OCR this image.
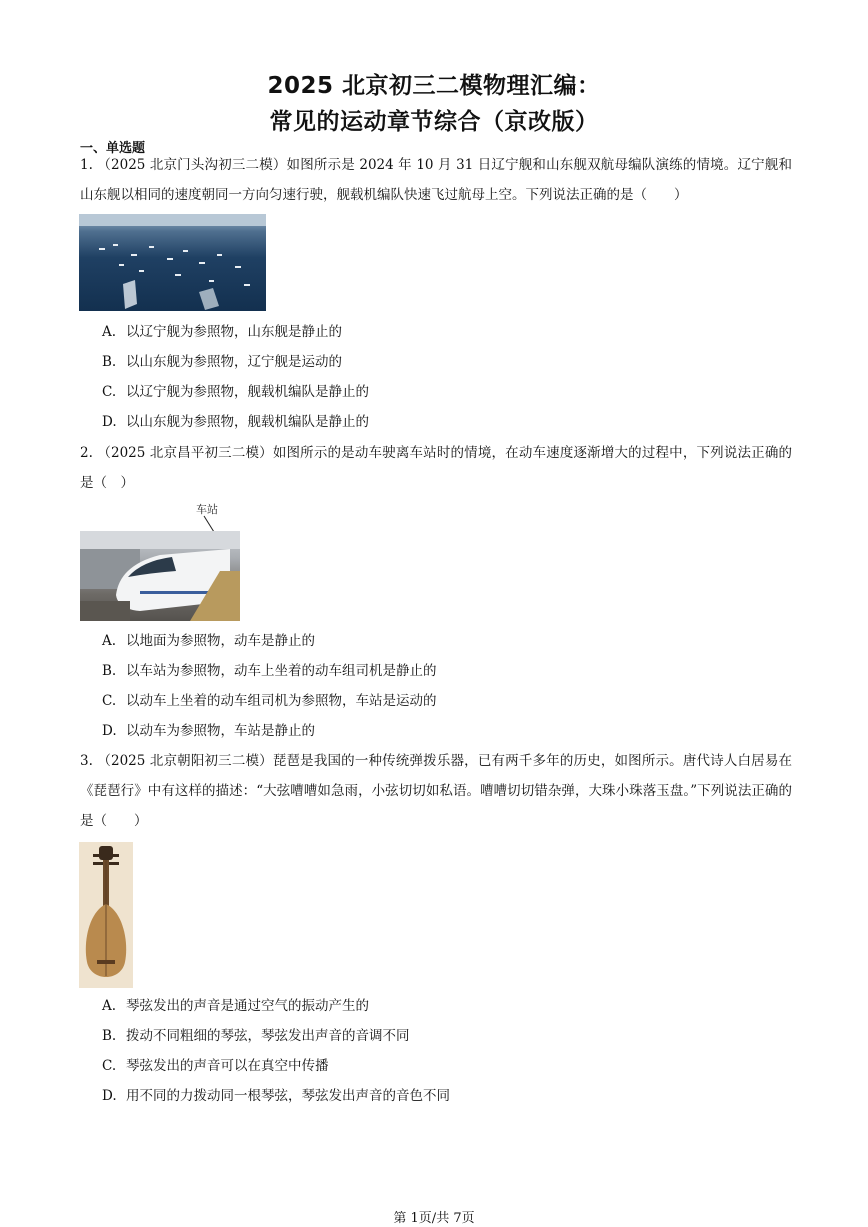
2025 北京初三二模物理汇编：
常见的运动章节综合（京改版）
一、单选题
1. （2025 北京门头沟初三二模）如图所示是 2024 年 10 月 31 日辽宁舰和山东舰双航母编队演练的情境。辽宁舰和山东舰以相同的速度朝同一方向匀速行驶，舰载机编队快速飞过航母上空。下列说法正确的是（　　）
A. 以辽宁舰为参照物，山东舰是静止的
B. 以山东舰为参照物，辽宁舰是运动的
C. 以辽宁舰为参照物，舰载机编队是静止的
D. 以山东舰为参照物，舰载机编队是静止的
2. （2025 北京昌平初三二模）如图所示的是动车驶离车站时的情境，在动车速度逐渐增大的过程中，下列说法正确的是（　）
车站
A. 以地面为参照物，动车是静止的
B. 以车站为参照物，动车上坐着的动车组司机是静止的
C. 以动车上坐着的动车组司机为参照物，车站是运动的
D. 以动车为参照物，车站是静止的
3. （2025 北京朝阳初三二模）琵琶是我国的一种传统弹拨乐器，已有两千多年的历史，如图所示。唐代诗人白居易在《琵琶行》中有这样的描述：“大弦嘈嘈如急雨，小弦切切如私语。嘈嘈切切错杂弹，大珠小珠落玉盘。”下列说法正确的是（　　）
A. 琴弦发出的声音是通过空气的振动产生的
B. 拨动不同粗细的琴弦，琴弦发出声音的音调不同
C. 琴弦发出的声音可以在真空中传播
D. 用不同的力拨动同一根琴弦，琴弦发出声音的音色不同
第 1页/共 7页
